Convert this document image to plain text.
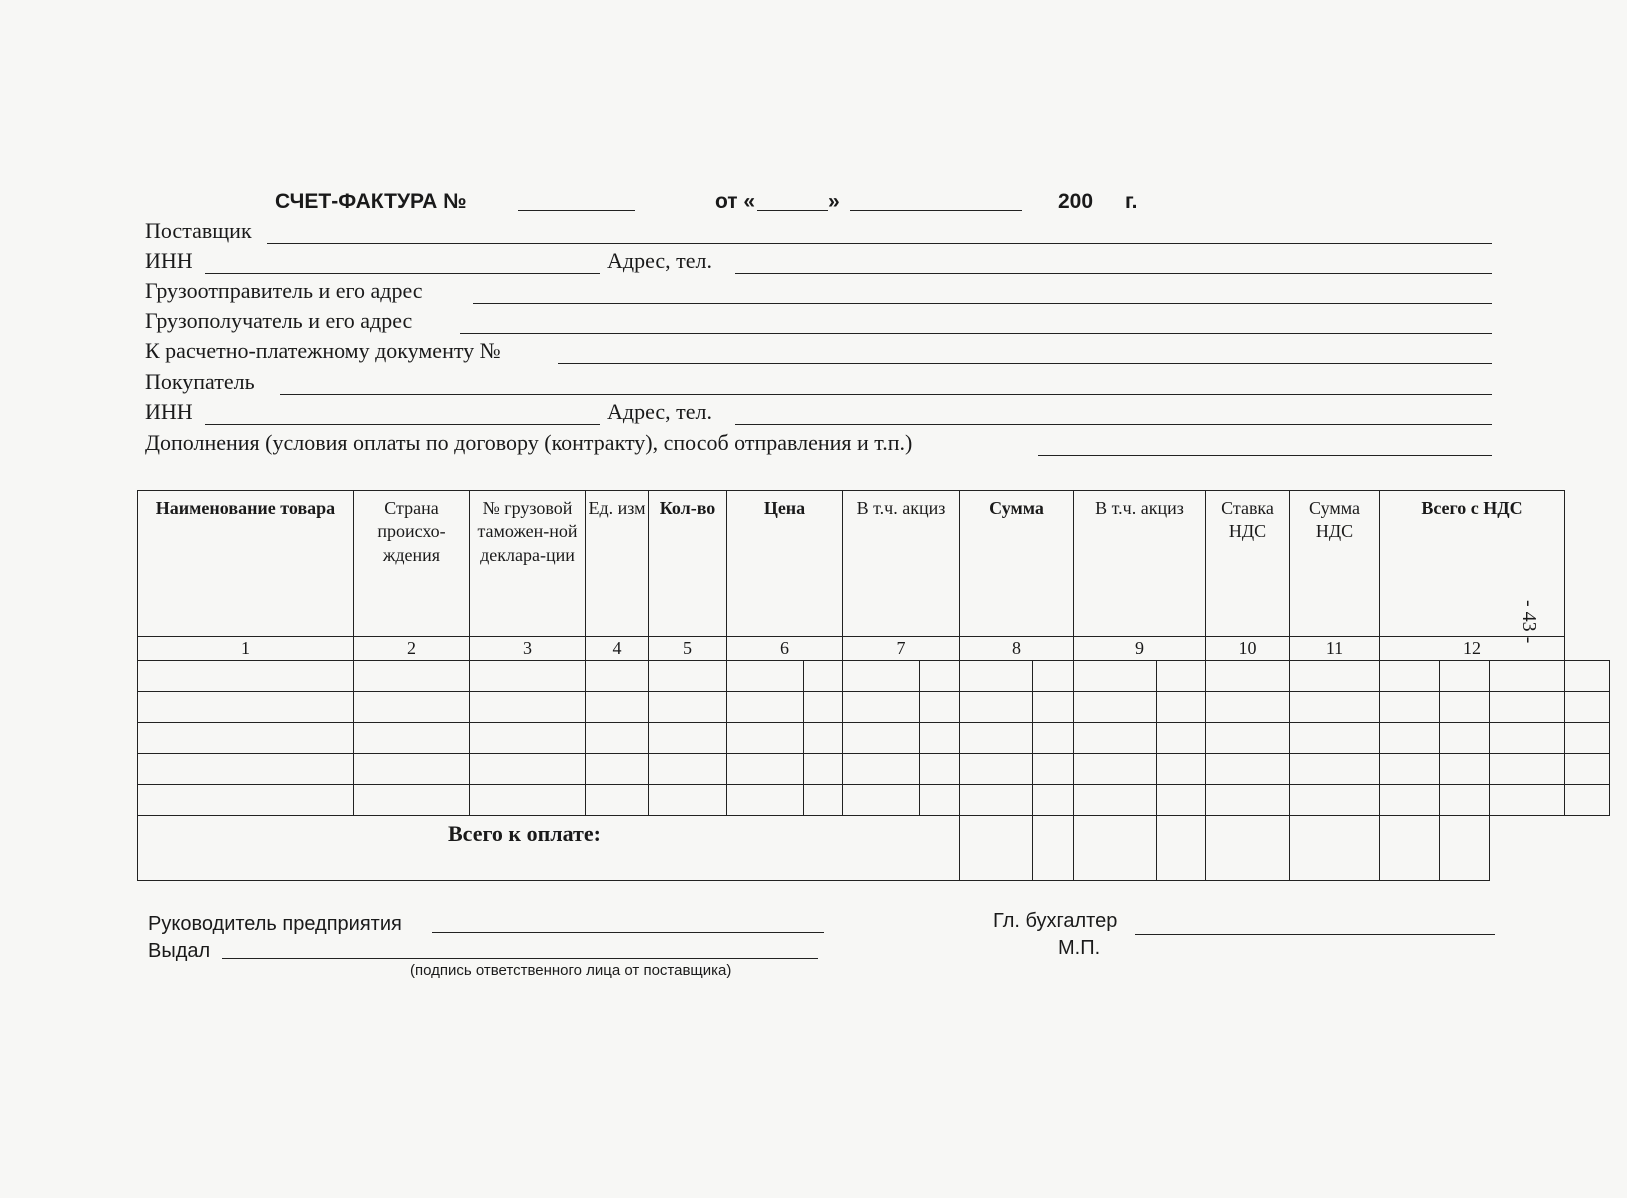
СЧЕТ-ФАКТУРА №	от «	»	200 г.
Поставщик
ИНН	Адрес, тел.
Грузоотправитель и его адрес
Грузополучатель и его адрес
К расчетно-платежному документу №
Покупатель
ИНН	Адрес, тел.
Дополнения (условия оплаты по договору (контракту), способ отправления и т.п.)
- 43 -
Наименование товара	Страна происхо-ждения	№ грузовой таможен-ной деклара-ции	Ед. изм	Кол-во	Цена		В т.ч. акциз		Сумма		В т.ч. акциз		Ставка НДС	Сумма НДС	Всего с НДС			
1	2	3	4	5	6		7		8		9		10	11	12			

Всего к оплате:																		
Руководитель предприятия
Выдал
(подпись ответственного лица от поставщика)
Гл. бухгалтер
М.П.
